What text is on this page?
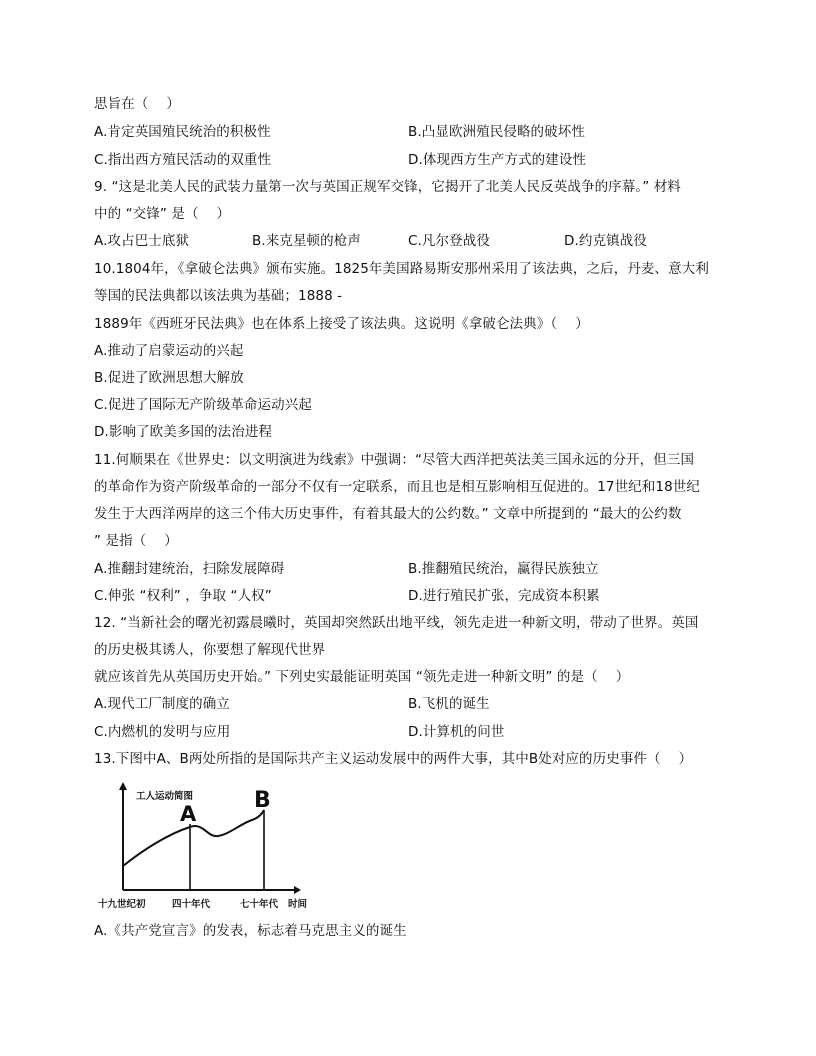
思旨在（　 ）
A.肯定英国殖民统治的积极性	B.凸显欧洲殖民侵略的破坏性
C.指出西方殖民活动的双重性	D.体现西方生产方式的建设性
9. “这是北美人民的武装力量第一次与英国正规军交锋，它揭开了北美人民反英战争的序幕。” 材料
中的 “交锋” 是（　 ）
A.攻占巴士底狱	B.来克星顿的枪声	C.凡尔登战役	D.约克镇战役
10.1804年，《拿破仑法典》颁布实施。1825年美国路易斯安那州采用了该法典，之后，丹麦、意大利
等国的民法典都以该法典为基础；1888 -
1889年《西班牙民法典》也在体系上接受了该法典。这说明《拿破仑法典》（　 ）
A.推动了启蒙运动的兴起
B.促进了欧洲思想大解放
C.促进了国际无产阶级革命运动兴起
D.影响了欧美多国的法治进程
11.何顺果在《世界史：以文明演进为线索》中强调：“尽管大西洋把英法美三国永远的分开，但三国
的革命作为资产阶级革命的一部分不仅有一定联系，而且也是相互影响相互促进的。17世纪和18世纪
发生于大西洋两岸的这三个伟大历史事件，有着其最大的公约数。” 文章中所提到的 “最大的公约数
” 是指（　 ）
A.推翻封建统治，扫除发展障碍	B.推翻殖民统治，赢得民族独立
C.伸张 “权利” ，争取 “人权”	D.进行殖民扩张，完成资本积累
12. “当新社会的曙光初露晨曦时，英国却突然跃出地平线，领先走进一种新文明，带动了世界。英国
的历史极其诱人，你要想了解现代世界
就应该首先从英国历史开始。” 下列史实最能证明英国 “领先走进一种新文明” 的是（　 ）
A.现代工厂制度的确立	B.飞机的诞生
C.内燃机的发明与应用	D.计算机的问世
13.下图中A、B两处所指的是国际共产主义运动发展中的两件大事，其中B处对应的历史事件（　 ）
工人运动简图
A
B
十九世纪初	四十年代	七十年代 时间
A.《共产党宣言》的发表，标志着马克思主义的诞生
